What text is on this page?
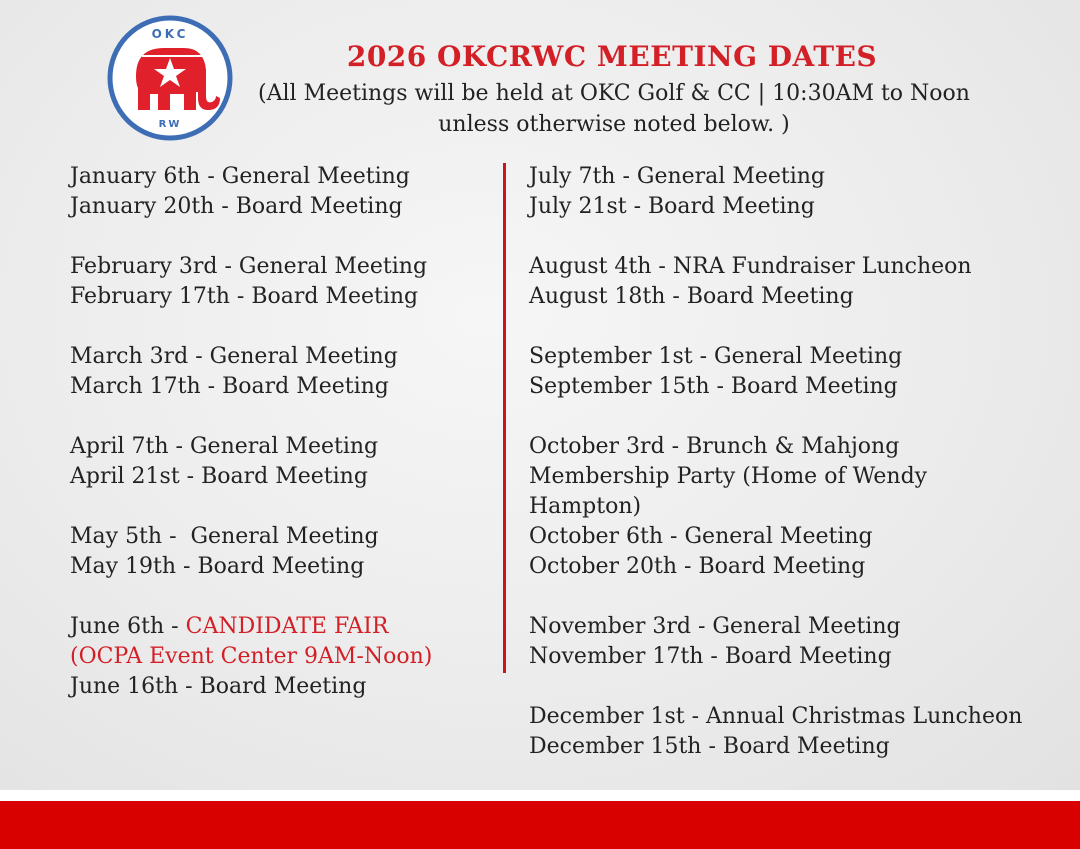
OKC
RW
2026 OKCRWC MEETING DATES
(All Meetings will be held at OKC Golf & CC | 10:30AM to Noon
unless otherwise noted below. )
January 6th - General Meeting
January 20th - Board Meeting
February 3rd - General Meeting
February 17th - Board Meeting
March 3rd - General Meeting
March 17th - Board Meeting
April 7th - General Meeting
April 21st - Board Meeting
May 5th -  General Meeting
May 19th - Board Meeting
June 6th - CANDIDATE FAIR
(OCPA Event Center 9AM-Noon)
June 16th - Board Meeting
July 7th - General Meeting
July 21st - Board Meeting
August 4th - NRA Fundraiser Luncheon
August 18th - Board Meeting
September 1st - General Meeting
September 15th - Board Meeting
October 3rd - Brunch & Mahjong Membership Party (Home of Wendy Hampton)
October 6th - General Meeting
October 20th - Board Meeting
November 3rd - General Meeting
November 17th - Board Meeting
December 1st - Annual Christmas Luncheon
December 15th - Board Meeting
